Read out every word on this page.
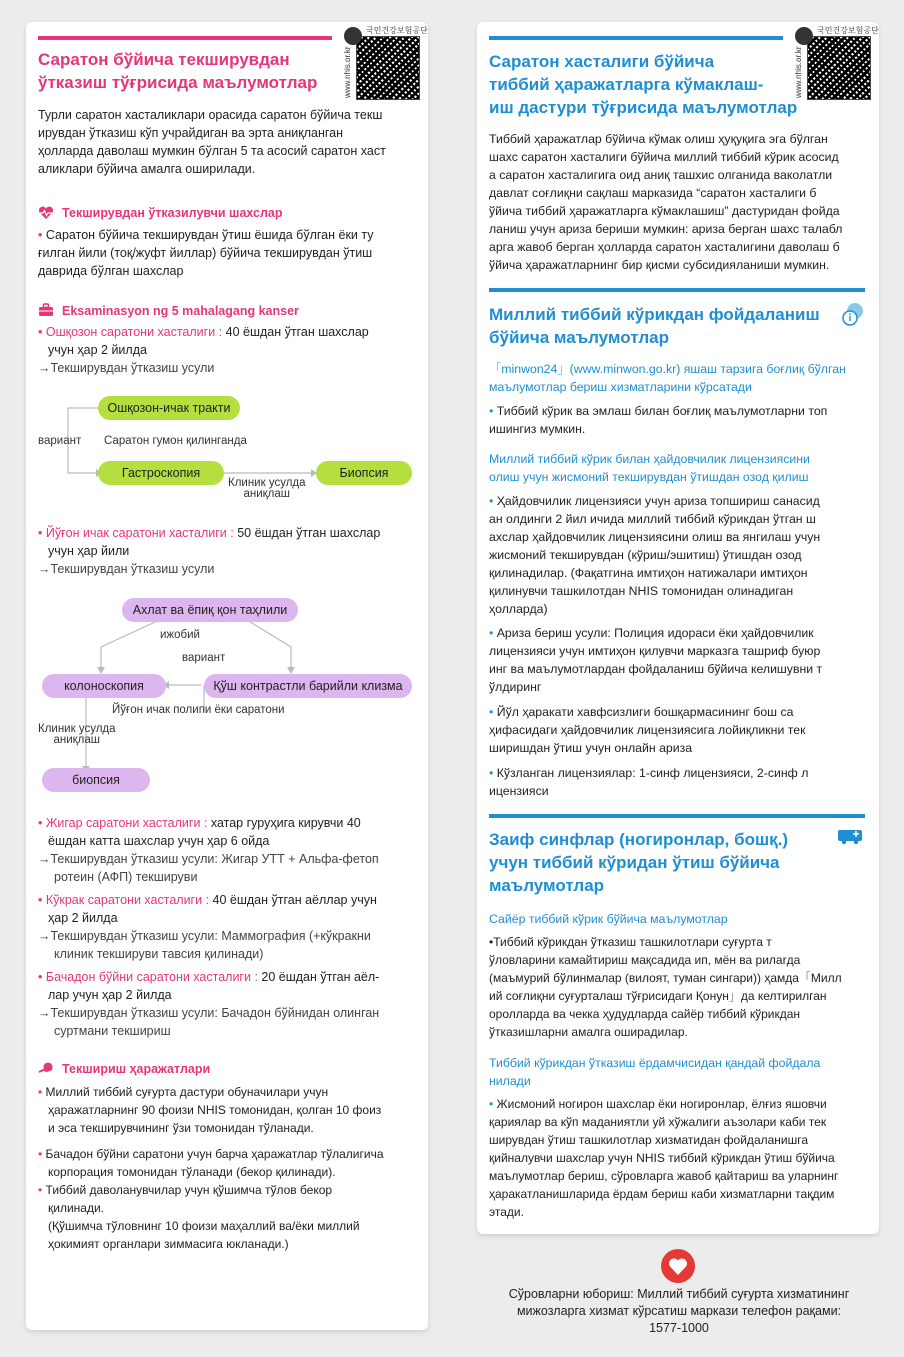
국민건강보험공단
www.nhis.or.kr
Саратон бўйича текширувдан
ўтказиш тўғрисида маълумотлар
Турли саратон хасталиклари орасида саратон бўйича текш
ирувдан ўтказиш кўп учрайдиган ва эрта аниқланган
ҳолларда даволаш мумкин бўлган 5 та асосий саратон хаст
аликлари бўйича амалга оширилади.
Текширувдан ўтказилувчи шахслар
• Саратон бўйича текширувдан ўтиш ёшида бўлган ёки ту
ғилган йили (тоқ/жуфт йиллар) бўйича текширувдан ўтиш
даврида бўлган шахслар
Eksaminasyon ng 5 mahalagang kanser
• Ошқозон саратони хасталиги : 40 ёшдан ўтган шахслар
учун ҳар 2 йилда
→Текширувдан ўтказиш усули
Ошқозон-ичак тракти
вариант Саратон гумон қилинганда
Гастроскопия
Клиник усулда
аниқлаш
Биопсия
• Йўғон ичак саратони хасталиги : 50 ёшдан ўтган шахслар
учун ҳар йили
→Текширувдан ўтказиш усули
Ахлат ва ёпиқ қон таҳлили
ижобий
вариант
колоноскопия	Қўш контрастли барийли клизма
Йўғон ичак полипи ёки саратони
Клиник усулда
аниқлаш
биопсия
• Жигар саратони хасталиги : хатар гуруҳига кирувчи 40
ёшдан катта шахслар учун ҳар 6 ойда
→Текширувдан ўтказиш усули: Жигар УТТ + Альфа-фетоп
ротеин (АФП) текшируви
• Кўкрак саратони хасталиги : 40 ёшдан ўтган аёллар учун
ҳар 2 йилда
→Текширувдан ўтказиш усули: Маммография (+кўкракни
клиник текшируви тавсия қилинади)
• Бачадон бўйни саратони хасталиги : 20 ёшдан ўтган аёл-
лар учун ҳар 2 йилда
→Текширувдан ўтказиш усули: Бачадон бўйнидан олинган
суртмани текшириш
Текшириш ҳаражатлари
• Миллий тиббий суғурта дастури обуначилари учун
ҳаражатларнинг 90 фоизи NHIS томонидан, қолган 10 фоиз
и эса текширувчининг ўзи томонидан тўланади.
• Бачадон бўйни саратони учун барча ҳаражатлар тўлалигича
корпорация томонидан тўланади (бекор қилинади).
• Тиббий даволанувчилар учун қўшимча тўлов бекор
қилинади.
(Қўшимча тўловнинг 10 фоизи маҳаллий ва/ёки миллий
ҳокимият органлари зиммасига юкланади.)
국민건강보험공단
www.nhis.or.kr
Саратон хасталиги бўйича
тиббий ҳаражатларга кўмаклаш-
иш дастури тўғрисида маълумотлар
Тиббий ҳаражатлар бўйича кўмак олиш ҳуқуқига эга бўлган
шахс саратон хасталиги бўйича миллий тиббий кўрик асосид
а саратон хасталигига оид аниқ ташхис олганида ваколатли
давлат соғлиқни сақлаш марказида “саратон хасталиги б
ўйича тиббий ҳаражатларга кўмаклашиш” дастуридан фойда
ланиш учун ариза бериши мумкин: ариза берган шахс талабл
арга жавоб берган ҳолларда саратон хасталигини даволаш б
ўйича ҳаражатларнинг бир қисми субсидияланиши мумкин.
Миллий тиббий кўрикдан фойдаланиш
бўйича маълумотлар
「minwon24」(www.minwon.go.kr) яшаш тарзига боғлиқ бўлган
маълумотлар бериш хизматларини кўрсатади
• Тиббий кўрик ва эмлаш билан боғлиқ маълумотларни топ
ишингиз мумкин.
Миллий тиббий кўрик билан ҳайдовчилик лицензиясини
олиш учун жисмоний текширувдан ўтишдан озод қилиш
• Ҳайдовчилик лицензияси учун ариза топшириш санасид
ан олдинги 2 йил ичида миллий тиббий кўрикдан ўтган ш
ахслар ҳайдовчилик лицензиясини олиш ва янгилаш учун
жисмоний текширувдан (кўриш/эшитиш) ўтишдан озод
қилинадилар. (Фақатгина имтиҳон натижалари имтиҳон
қилинувчи ташкилотдан NHIS томонидан олинадиган
ҳолларда)
• Ариза бериш усули: Полиция идораси ёки ҳайдовчилик
лицензияси учун имтиҳон қилувчи марказга ташриф буюр
инг ва маълумотлардан фойдаланиш бўйича келишувни т
ўлдиринг
• Йўл ҳаракати хавфсизлиги бошқармасининг бош са
ҳифасидаги ҳайдовчилик лицензиясига лойиқликни тек
ширишдан ўтиш учун онлайн ариза
• Кўзланган лицензиялар: 1-синф лицензияси, 2-синф л
ицензияси
Заиф синфлар (ногиронлар, бошқ.)
учун тиббий кўридан ўтиш бўйича
маълумотлар
Сайёр тиббий кўрик бўйича маълумотлар
•Тиббий кўрикдан ўтказиш ташкилотлари суғурта т
ўловларини камайтириш мақсадида ип, мён ва рилarда
(маъмурий бўлинмалар (вилоят, туман сингари)) ҳамда「Милл
ий соғлиқни суғурталаш тўғрисидаги Қонун」да келтирилган
оролларда ва чекка ҳудудларда сайёр тиббий кўрикдан
ўтказишларни амалга оширадилар.
Тиббий кўрикдан ўтказиш ёрдамчисидан қандай фойдала
нилади
• Жисмоний ногирон шахслар ёки ногиронлар, ёлғиз яшовчи
қариялар ва кўп маданиятли уй хўжалиги аъзолари каби тек
ширувдан ўтиш ташкилотлар хизматидан фойдаланишга
қийналувчи шахслар учун NHIS тиббий кўрикдан ўтиш бўйича
маълумотлар бериш, сўровларга жавоб қайтариш ва уларнинг
ҳаракатланишларида ёрдам бериш каби хизматларни тақдим
этади.
Сўровларни юбориш: Миллий тиббий суғурта хизматининг
мижозларга хизмат кўрсатиш маркази телефон рақами:
1577-1000
